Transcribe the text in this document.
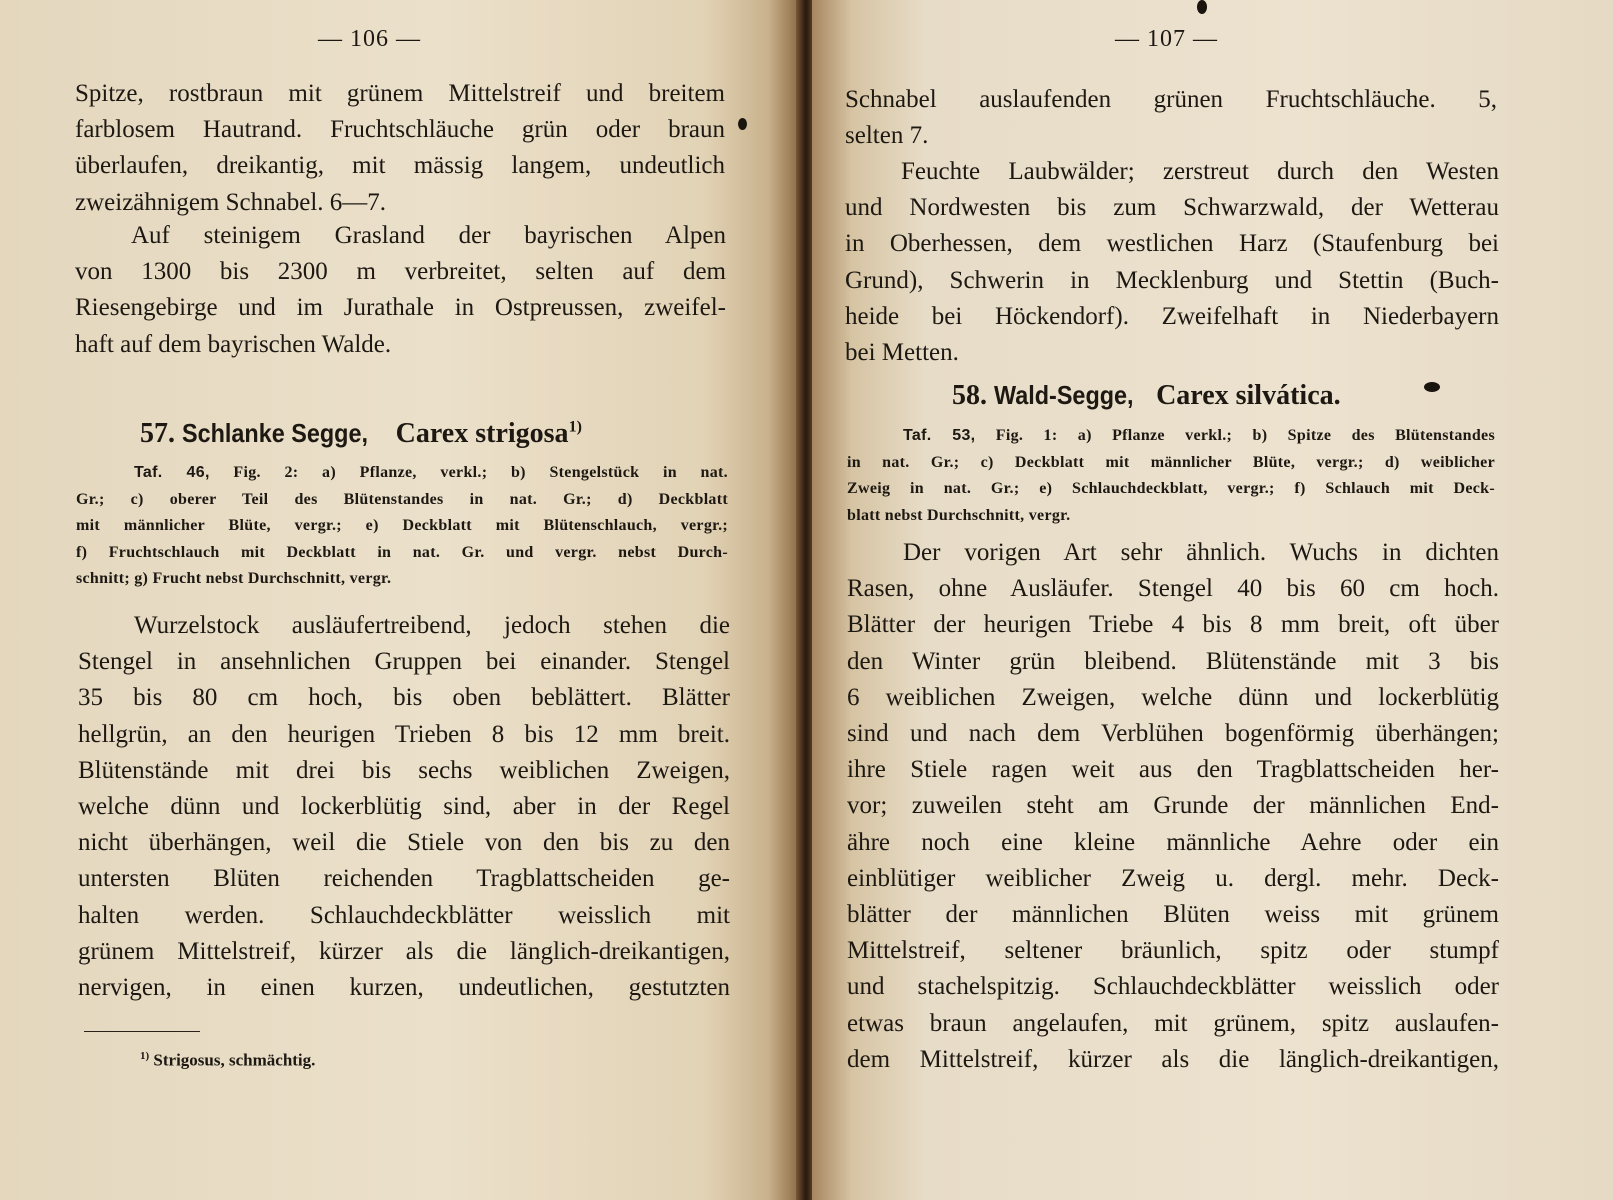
— 106 —
Spitze, rostbraun mit grünem Mittelstreif und breitem
farblosem Hautrand. Fruchtschläuche grün oder braun
überlaufen, dreikantig, mit mässig langem, undeutlich
zweizähnigem Schnabel. 6—7.
Auf steinigem Grasland der bayrischen Alpen
von 1300 bis 2300 m verbreitet, selten auf dem
Riesengebirge und im Jurathale in Ostpreussen, zweifel-
haft auf dem bayrischen Walde.
57. Schlanke Segge, Carex strigosa$^{1)}$
Taf. 46, Fig. 2: a) Pflanze, verkl.; b) Stengelstück in nat.
Gr.; c) oberer Teil des Blütenstandes in nat. Gr.; d) Deckblatt
mit männlicher Blüte, vergr.; e) Deckblatt mit Blütenschlauch, vergr.;
f) Fruchtschlauch mit Deckblatt in nat. Gr. und vergr. nebst Durch-
schnitt; g) Frucht nebst Durchschnitt, vergr.
Wurzelstock ausläufertreibend, jedoch stehen die
Stengel in ansehnlichen Gruppen bei einander. Stengel
35 bis 80 cm hoch, bis oben beblättert. Blätter
hellgrün, an den heurigen Trieben 8 bis 12 mm breit.
Blütenstände mit drei bis sechs weiblichen Zweigen,
welche dünn und lockerblütig sind, aber in der Regel
nicht überhängen, weil die Stiele von den bis zu den
untersten Blüten reichenden Tragblattscheiden ge-
halten werden. Schlauchdeckblätter weisslich mit
grünem Mittelstreif, kürzer als die länglich-dreikantigen,
nervigen, in einen kurzen, undeutlichen, gestutzten
$^{1)}$ Strigosus, schmächtig.
— 107 —
Schnabel auslaufenden grünen Fruchtschläuche. 5,
selten 7.
Feuchte Laubwälder; zerstreut durch den Westen
und Nordwesten bis zum Schwarzwald, der Wetterau
in Oberhessen, dem westlichen Harz (Staufenburg bei
Grund), Schwerin in Mecklenburg und Stettin (Buch-
heide bei Höckendorf). Zweifelhaft in Niederbayern
bei Metten.
58. Wald-Segge, Carex silvática.
Taf. 53, Fig. 1: a) Pflanze verkl.; b) Spitze des Blütenstandes
in nat. Gr.; c) Deckblatt mit männlicher Blüte, vergr.; d) weiblicher
Zweig in nat. Gr.; e) Schlauchdeckblatt, vergr.; f) Schlauch mit Deck-
blatt nebst Durchschnitt, vergr.
Der vorigen Art sehr ähnlich. Wuchs in dichten
Rasen, ohne Ausläufer. Stengel 40 bis 60 cm hoch.
Blätter der heurigen Triebe 4 bis 8 mm breit, oft über
den Winter grün bleibend. Blütenstände mit 3 bis
6 weiblichen Zweigen, welche dünn und lockerblütig
sind und nach dem Verblühen bogenförmig überhängen;
ihre Stiele ragen weit aus den Tragblattscheiden her-
vor; zuweilen steht am Grunde der männlichen End-
ähre noch eine kleine männliche Aehre oder ein
einblütiger weiblicher Zweig u. dergl. mehr. Deck-
blätter der männlichen Blüten weiss mit grünem
Mittelstreif, seltener bräunlich, spitz oder stumpf
und stachelspitzig. Schlauchdeckblätter weisslich oder
etwas braun angelaufen, mit grünem, spitz auslaufen-
dem Mittelstreif, kürzer als die länglich-dreikantigen,
